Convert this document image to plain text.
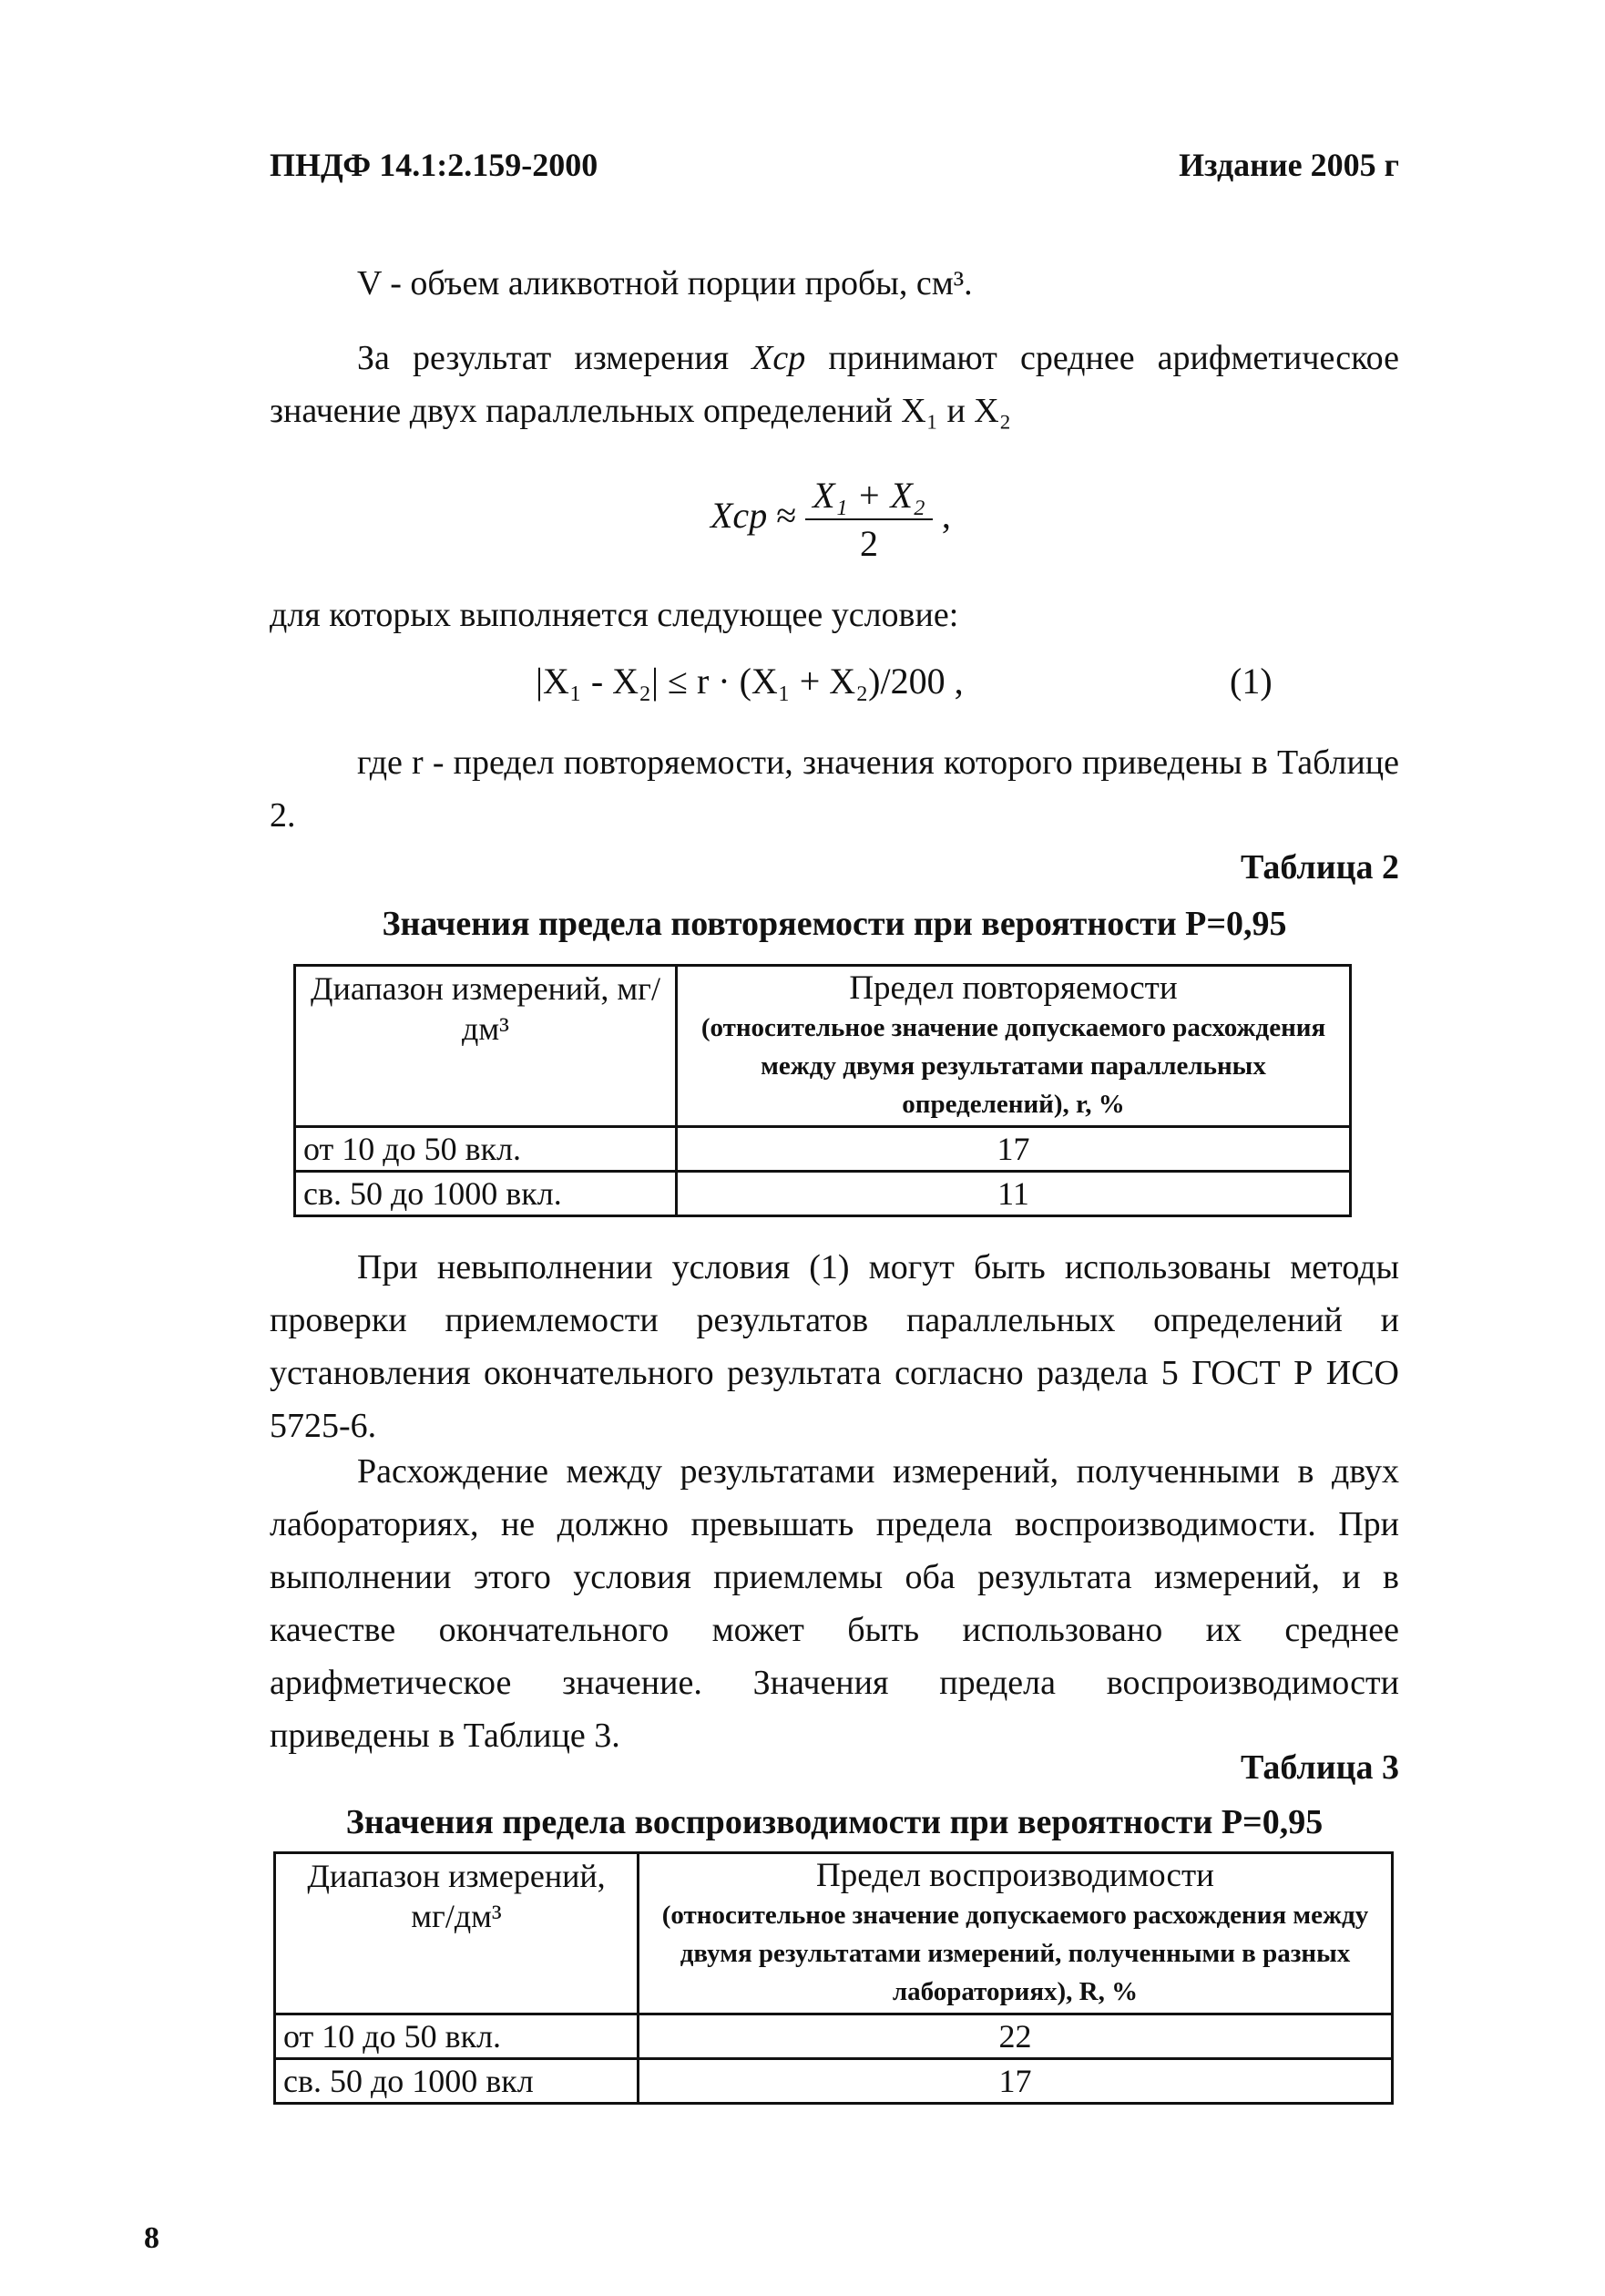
ПНДФ 14.1:2.159-2000	Издание 2005 г
V - объем аликвотной порции пробы, см³.
За результат измерения Xср принимают среднее арифметическое значение двух параллельных определений X₁ и X₂
Xср ≈ $\frac{\text{X₁ + X₂}}{2}$ ,
для которых выполняется следующее условие:
|X₁ - X₂| ≤ r · (X₁ + X₂)/200 ,	(1)
где r - предел повторяемости, значения которого приведены в Таблице 2.
Таблица 2
Значения предела повторяемости при вероятности P=0,95
Диапазон измерений, мг/дм³	Предел повторяемости
(относительное значение допускаемого расхождения между двумя результатами параллельных определений), r, %

от 10 до 50 вкл.	17
св. 50 до 1000 вкл.	11
При невыполнении условия (1) могут быть использованы методы проверки приемлемости результатов параллельных определений и установления окончательного результата согласно раздела 5 ГОСТ Р ИСО 5725-6.
Расхождение между результатами измерений, полученными в двух лабораториях, не должно превышать предела воспроизводимости. При выполнении этого условия приемлемы оба результата измерений, и в качестве окончательного может быть использовано их среднее арифметическое значение. Значения предела воспроизводимости приведены в Таблице 3.
Таблица 3
Значения предела воспроизводимости при вероятности P=0,95
Диапазон измерений, мг/дм³	Предел воспроизводимости
(относительное значение допускаемого расхождения между двумя результатами измерений, полученными в разных лабораториях), R, %

от 10 до 50 вкл.	22
св. 50 до 1000 вкл	17
8
